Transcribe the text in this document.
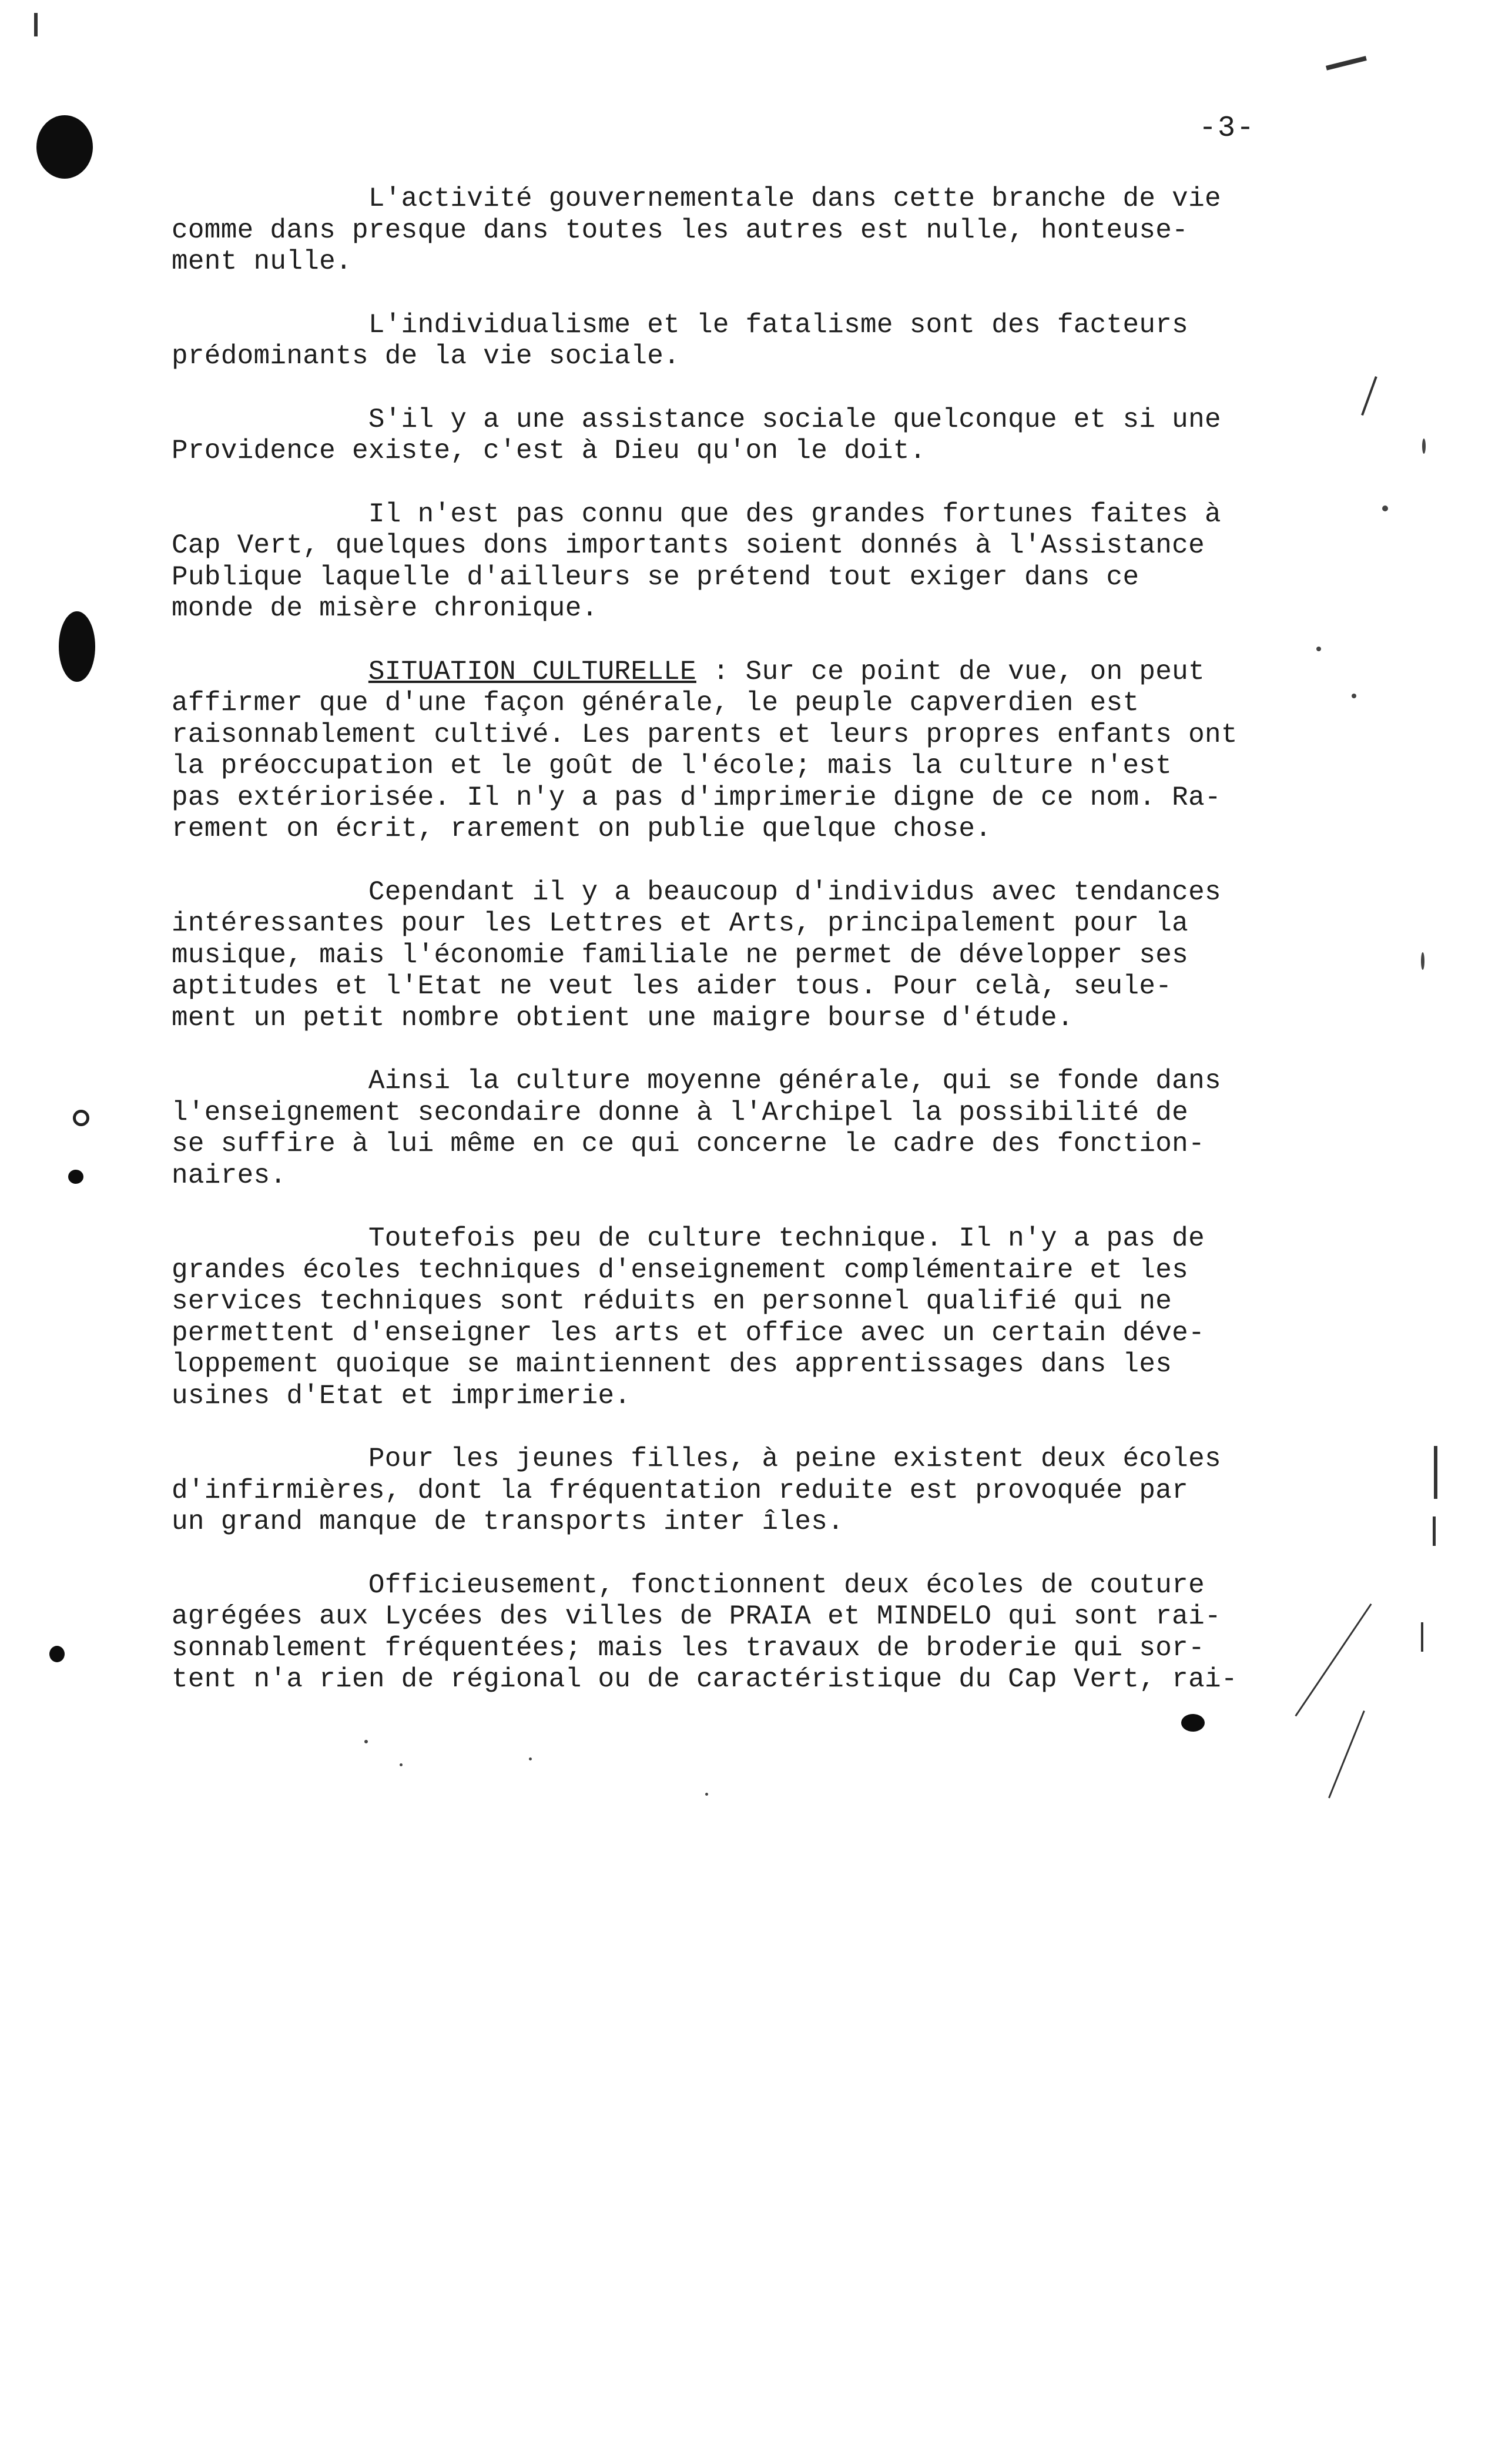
-3-
L'activité gouvernementale dans cette branche de vie
comme dans presque dans toutes les autres est nulle, honteuse-
ment nulle.
L'individualisme et le fatalisme sont des facteurs
prédominants de la vie sociale.
S'il y a une assistance sociale quelconque et si une
Providence existe, c'est à Dieu qu'on le doit.
Il n'est pas connu que des grandes fortunes faites à
Cap Vert, quelques dons importants soient donnés à l'Assistance
Publique laquelle d'ailleurs se prétend tout exiger dans ce
monde de misère chronique.
SITUATION CULTURELLE : Sur ce point de vue, on peut
affirmer que d'une façon générale, le peuple capverdien est
raisonnablement cultivé. Les parents et leurs propres enfants ont
la préoccupation et le goût de l'école; mais la culture n'est
pas extériorisée. Il n'y a pas d'imprimerie digne de ce nom. Ra-
rement on écrit, rarement on publie quelque chose.
Cependant il y a beaucoup d'individus avec tendances
intéressantes pour les Lettres et Arts, principalement pour la
musique, mais l'économie familiale ne permet de développer ses
aptitudes et l'Etat ne veut les aider tous. Pour celà, seule-
ment un petit nombre obtient une maigre bourse d'étude.
Ainsi la culture moyenne générale, qui se fonde dans
l'enseignement secondaire donne à l'Archipel la possibilité de
se suffire à lui même en ce qui concerne le cadre des fonction-
naires.
Toutefois peu de culture technique. Il n'y a pas de
grandes écoles techniques d'enseignement complémentaire et les
services techniques sont réduits en personnel qualifié qui ne
permettent d'enseigner les arts et office avec un certain déve-
loppement quoique se maintiennent des apprentissages dans les
usines d'Etat et imprimerie.
Pour les jeunes filles, à peine existent deux écoles
d'infirmières, dont la fréquentation reduite est provoquée par
un grand manque de transports inter îles.
Officieusement, fonctionnent deux écoles de couture
agrégées aux Lycées des villes de PRAIA et MINDELO qui sont rai-
sonnablement fréquentées; mais les travaux de broderie qui sor-
tent n'a rien de régional ou de caractéristique du Cap Vert, rai-
